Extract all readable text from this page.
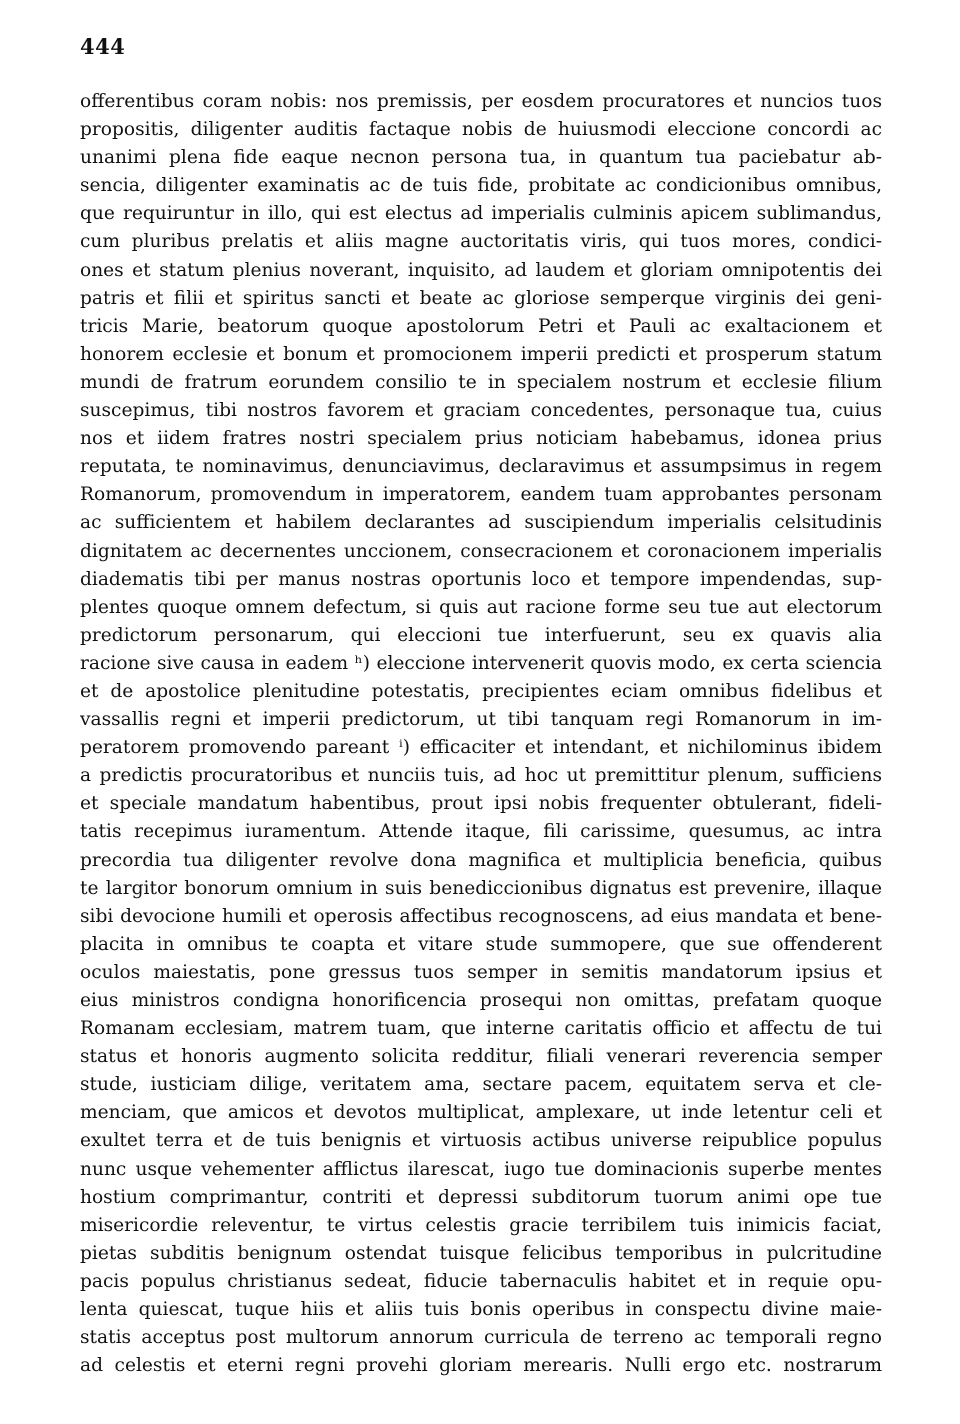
444
offerentibus coram nobis: nos premissis, per eosdem procuratores et nuncios tuos
propositis, diligenter auditis factaque nobis de huiusmodi eleccione concordi ac
unanimi plena fide eaque necnon persona tua, in quantum tua paciebatur ab-
sencia, diligenter examinatis ac de tuis fide, probitate ac condicionibus omnibus,
que requiruntur in illo, qui est electus ad imperialis culminis apicem sublimandus,
cum pluribus prelatis et aliis magne auctoritatis viris, qui tuos mores, condici-
ones et statum plenius noverant, inquisito, ad laudem et gloriam omnipotentis dei
patris et filii et spiritus sancti et beate ac gloriose semperque virginis dei geni-
tricis Marie, beatorum quoque apostolorum Petri et Pauli ac exaltacionem et
honorem ecclesie et bonum et promocionem imperii predicti et prosperum statum
mundi de fratrum eorundem consilio te in specialem nostrum et ecclesie filium
suscepimus, tibi nostros favorem et graciam concedentes, personaque tua, cuius
nos et iidem fratres nostri specialem prius noticiam habebamus, idonea prius
reputata, te nominavimus, denunciavimus, declaravimus et assumpsimus in regem
Romanorum, promovendum in imperatorem, eandem tuam approbantes personam
ac sufficientem et habilem declarantes ad suscipiendum imperialis celsitudinis
dignitatem ac decernentes unccionem, consecracionem et coronacionem imperialis
diadematis tibi per manus nostras oportunis loco et tempore impendendas, sup-
plentes quoque omnem defectum, si quis aut racione forme seu tue aut electorum
predictorum personarum, qui eleccioni tue interfuerunt, seu ex quavis alia
racione sive causa in eadem ʰ) eleccione intervenerit quovis modo, ex certa sciencia
et de apostolice plenitudine potestatis, precipientes eciam omnibus fidelibus et
vassallis regni et imperii predictorum, ut tibi tanquam regi Romanorum in im-
peratorem promovendo pareant ⁱ) efficaciter et intendant, et nichilominus ibidem
a predictis procuratoribus et nunciis tuis, ad hoc ut premittitur plenum, sufficiens
et speciale mandatum habentibus, prout ipsi nobis frequenter obtulerant, fideli-
tatis recepimus iuramentum. Attende itaque, fili carissime, quesumus, ac intra
precordia tua diligenter revolve dona magnifica et multiplicia beneficia, quibus
te largitor bonorum omnium in suis benediccionibus dignatus est prevenire, illaque
sibi devocione humili et operosis affectibus recognoscens, ad eius mandata et bene-
placita in omnibus te coapta et vitare stude summopere, que sue offenderent
oculos maiestatis, pone gressus tuos semper in semitis mandatorum ipsius et
eius ministros condigna honorificencia prosequi non omittas, prefatam quoque
Romanam ecclesiam, matrem tuam, que interne caritatis officio et affectu de tui
status et honoris augmento solicita redditur, filiali venerari reverencia semper
stude, iusticiam dilige, veritatem ama, sectare pacem, equitatem serva et cle-
menciam, que amicos et devotos multiplicat, amplexare, ut inde letentur celi et
exultet terra et de tuis benignis et virtuosis actibus universe reipublice populus
nunc usque vehementer afflictus ilarescat, iugo tue dominacionis superbe mentes
hostium comprimantur, contriti et depressi subditorum tuorum animi ope tue
misericordie releventur, te virtus celestis gracie terribilem tuis inimicis faciat,
pietas subditis benignum ostendat tuisque felicibus temporibus in pulcritudine
pacis populus christianus sedeat, fiducie tabernaculis habitet et in requie opu-
lenta quiescat, tuque hiis et aliis tuis bonis operibus in conspectu divine maie-
statis acceptus post multorum annorum curricula de terreno ac temporali regno
ad celestis et eterni regni provehi gloriam merearis. Nulli ergo etc. nostrarum
